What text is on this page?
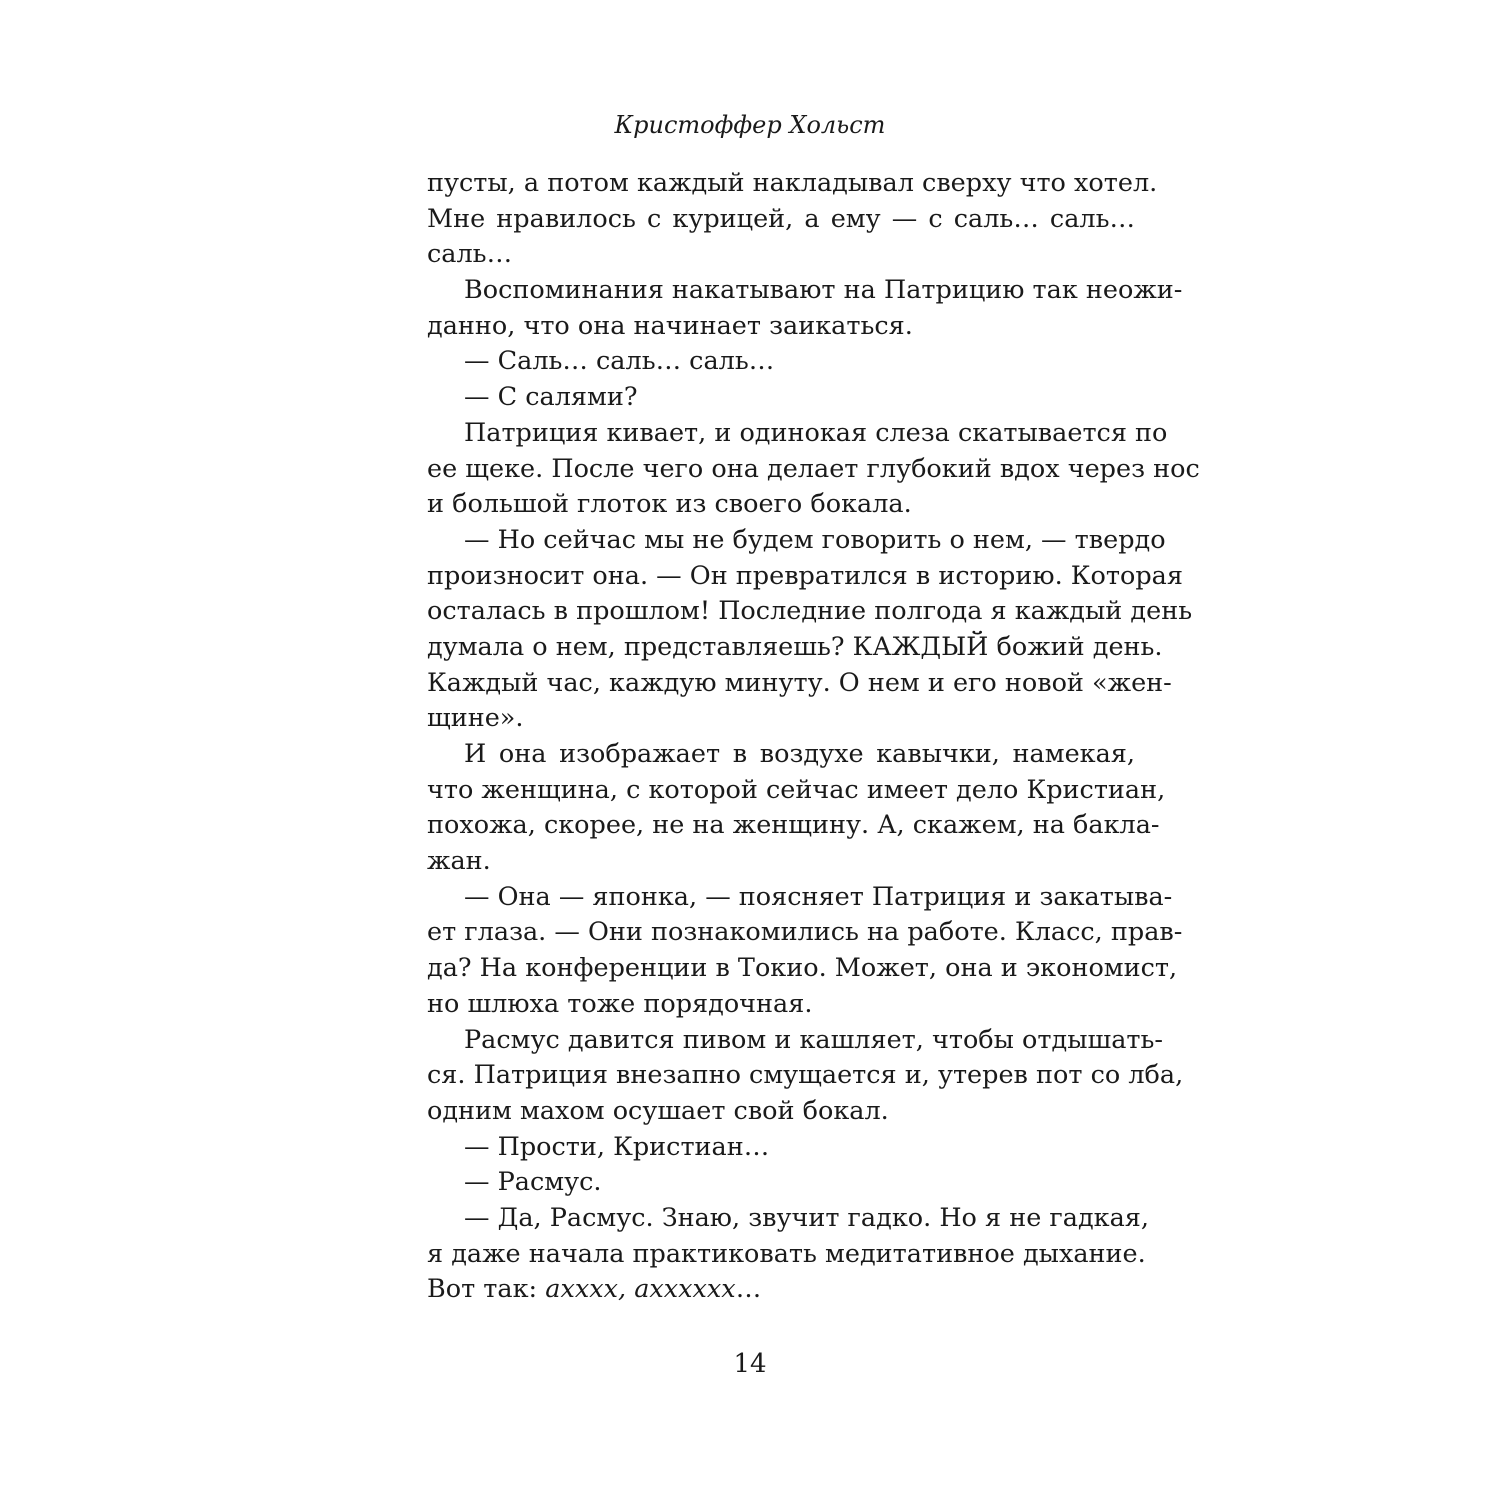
Кристоффер Хольст
пусты, а потом каждый накладывал сверху что хотел.
Мне нравилось с курицей, а ему — с саль… саль…
саль…
Воспоминания накатывают на Патрицию так неожи-
данно, что она начинает заикаться.
— Саль… саль… саль…
— С салями?
Патриция кивает, и одинокая слеза скатывается по
ее щеке. После чего она делает глубокий вдох через нос
и большой глоток из своего бокала.
— Но сейчас мы не будем говорить о нем, — твердо
произносит она. — Он превратился в историю. Которая
осталась в прошлом! Последние полгода я каждый день
думала о нем, представляешь? КАЖДЫЙ божий день.
Каждый час, каждую минуту. О нем и его новой «жен-
щине».
И она изображает в воздухе кавычки, намекая,
что женщина, с которой сейчас имеет дело Кристиан,
похожа, скорее, не на женщину. А, скажем, на бакла-
жан.
— Она — японка, — поясняет Патриция и закатыва-
ет глаза. — Они познакомились на работе. Класс, прав-
да? На конференции в Токио. Может, она и экономист,
но шлюха тоже порядочная.
Расмус давится пивом и кашляет, чтобы отдышать-
ся. Патриция внезапно смущается и, утерев пот со лба,
одним махом осушает свой бокал.
— Прости, Кристиан…
— Расмус.
— Да, Расмус. Знаю, звучит гадко. Но я не гадкая,
я даже начала практиковать медитативное дыхание.
Вот так: ахххх, ахххххх…
14
